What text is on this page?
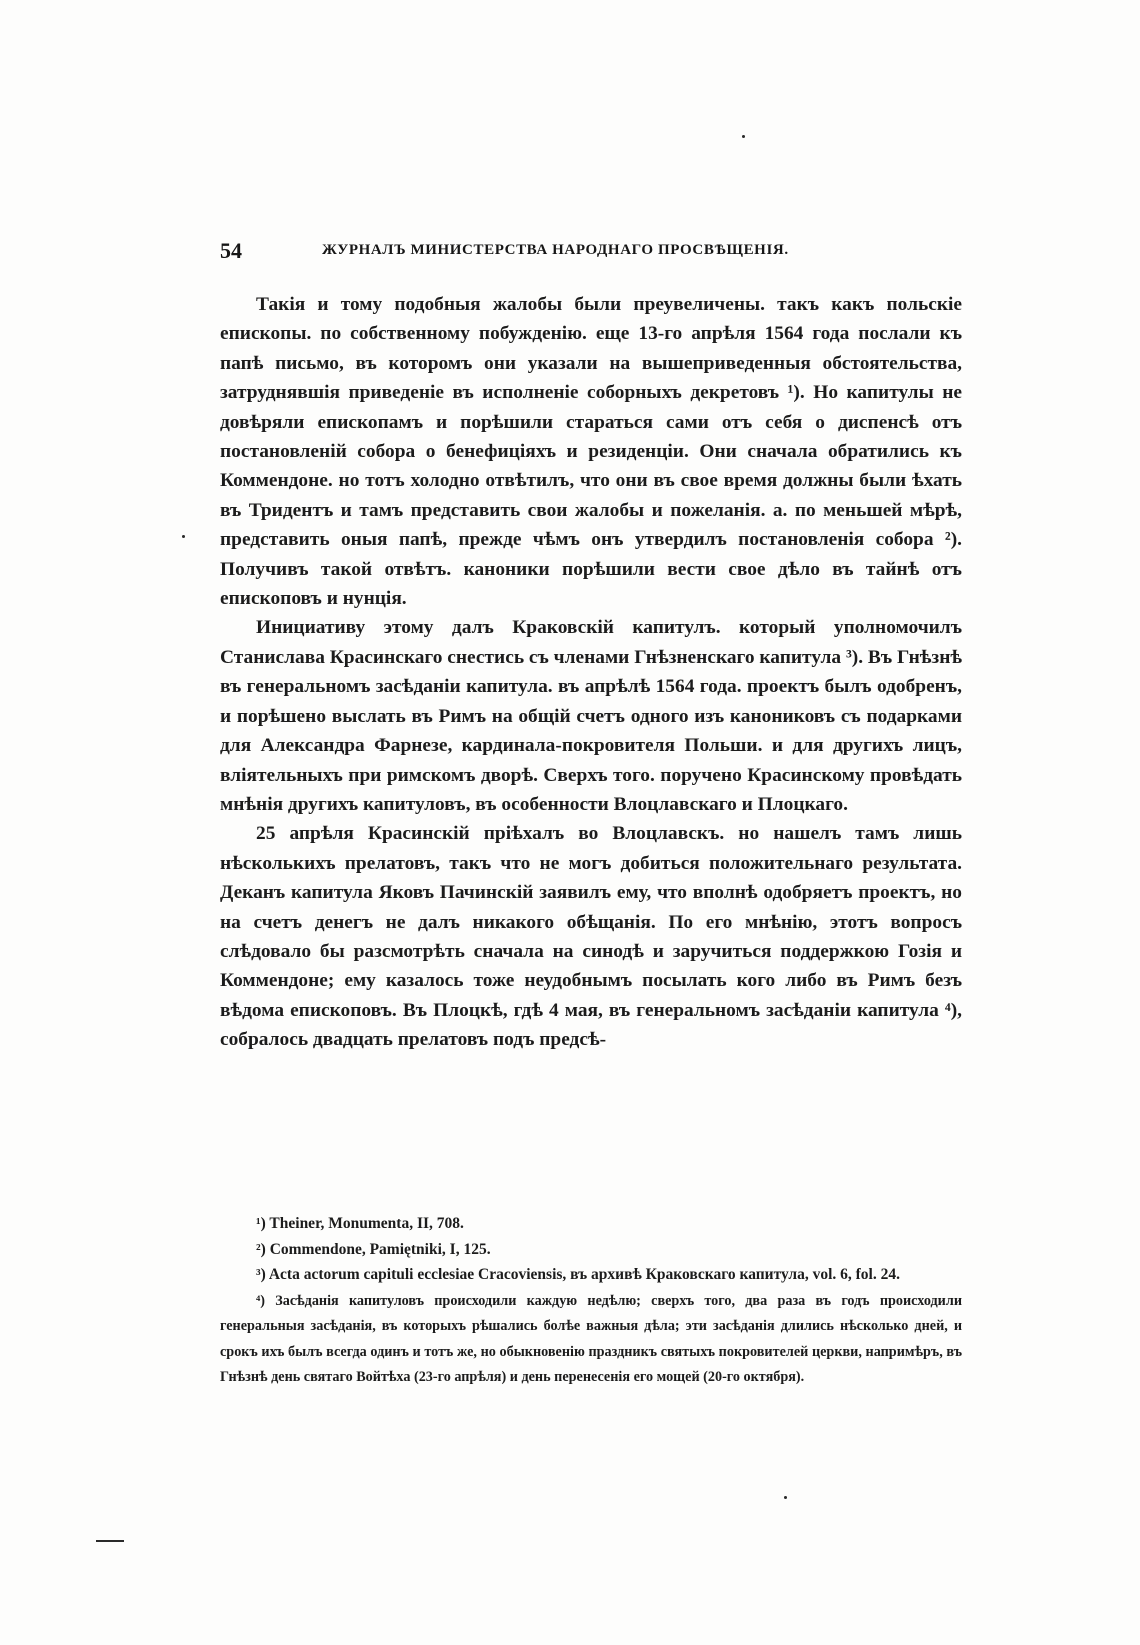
54	ЖУРНАЛЪ МИНИСТЕРСТВА НАРОДНАГО ПРОСВѢЩЕНІЯ.

Такія и тому подобныя жалобы были преувеличены. такъ какъ польскіе епископы. по собственному побужденію. еще 13-го апрѣля 1564 года послали къ папѣ письмо, въ которомъ они указали на вышеприведенныя обстоятельства, затруднявшія приведеніе въ исполненіе соборныхъ декретовъ ¹). Но капитулы не довѣряли епископамъ и порѣшили стараться сами отъ себя о диспенсѣ отъ постановленій собора о бенефиціяхъ и резиденціи. Они сначала обратились къ Коммендоне. но тотъ холодно отвѣтилъ, что они въ свое время должны были ѣхать въ Тридентъ и тамъ представить свои жалобы и пожеланія. а. по меньшей мѣрѣ, представить оныя папѣ, прежде чѣмъ онъ утвердилъ постановленія собора ²). Получивъ такой отвѣтъ. каноники порѣшили вести свое дѣло въ тайнѣ отъ епископовъ и нунція.

Инициативу этому далъ Краковскій капитулъ. который уполномочилъ Станислава Красинскаго снестись съ членами Гнѣзненскаго капитула ³). Въ Гнѣзнѣ въ генеральномъ засѣданіи капитула. въ апрѣлѣ 1564 года. проектъ былъ одобренъ, и порѣшено выслать въ Римъ на общій счетъ одного изъ канониковъ съ подарками для Александра Фарнезе, кардинала-покровителя Польши. и для другихъ лицъ, вліятельныхъ при римскомъ дворѣ. Сверхъ того. поручено Красинскому провѣдать мнѣнія другихъ капитуловъ, въ особенности Влоцлавскаго и Плоцкаго.

25 апрѣля Красинскій пріѣхалъ во Влоцлавскъ. но нашелъ тамъ лишь нѣсколькихъ прелатовъ, такъ что не могъ добиться положительнаго результата. Деканъ капитула Яковъ Пачинскій заявилъ ему, что вполнѣ одобряетъ проектъ, но на счетъ денегъ не далъ никакого обѣщанія. По его мнѣнію, этотъ вопросъ слѣдовало бы разсмотрѣть сначала на синодѣ и заручиться поддержкою Гозія и Коммендоне; ему казалось тоже неудобнымъ посылать кого либо въ Римъ безъ вѣдома епископовъ. Въ Плоцкѣ, гдѣ 4 мая, въ генеральномъ засѣданіи капитула ⁴), собралось двадцать прелатовъ подъ предсѣ-

¹) Theiner, Monumenta, II, 708.

²) Commendone, Pamiętniki, I, 125.

³) Acta actorum capituli ecclesiae Cracoviensis, въ архивѣ Краковскаго капитула, vol. 6, fol. 24.

⁴) Засѣданія капитуловъ происходили каждую недѣлю; сверхъ того, два раза въ годъ происходили генеральныя засѣданія, въ которыхъ рѣшались болѣе важныя дѣла; эти засѣданія длились нѣсколько дней, и срокъ ихъ былъ всегда одинъ и тотъ же, но обыкновенію праздникъ святыхъ покровителей церкви, напримѣръ, въ Гнѣзнѣ день святаго Войтѣха (23-го апрѣля) и день перенесенія его мощей (20-го октября).
